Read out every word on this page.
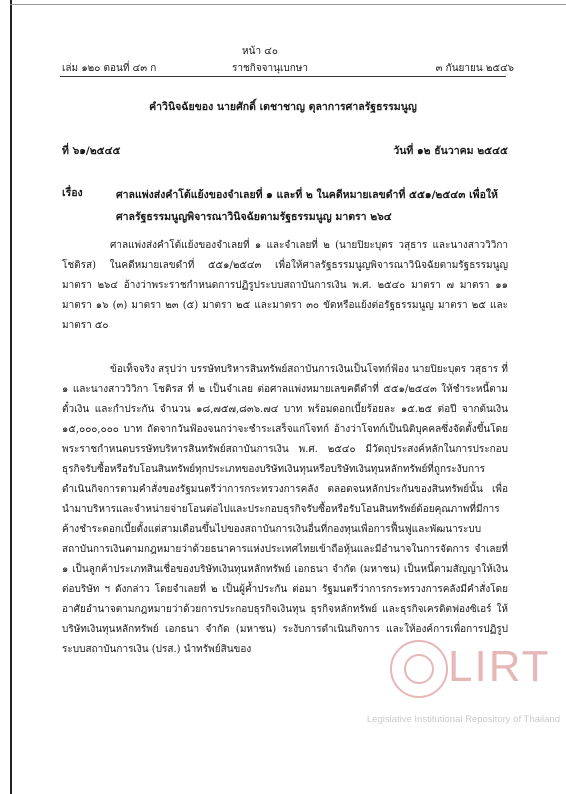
หน้า ๔๐
เล่ม ๑๒๐ ตอนที่ ๔๓ ก	ราชกิจจานุเบกษา	๓ กันยายน ๒๕๔๖
คำวินิจฉัยของ นายศักดิ์ เตชาชาญ ตุลาการศาลรัฐธรรมนูญ
ที่ ๖๑/๒๕๔๕	วันที่ ๑๒ ธันวาคม ๒๕๔๕
เรื่อง	ศาลแพ่งส่งคำโต้แย้งของจำเลยที่ ๑ และที่ ๒ ในคดีหมายเลขดำที่ ๕๕๑/๒๕๔๓ เพื่อให้ศาลรัฐธรรมนูญพิจารณาวินิจฉัยตามรัฐธรรมนูญ มาตรา ๒๖๔

ศาลแพ่งส่งคำโต้แย้งของจำเลยที่ ๑ และจำเลยที่ ๒ (นายปิยะบุตร วสุธาร และนางสาววิวิกา โชติรส) ในคดีหมายเลขดำที่ ๕๕๑/๒๕๔๓ เพื่อให้ศาลรัฐธรรมนูญพิจารณาวินิจฉัยตามรัฐธรรมนูญ มาตรา ๒๖๔ อ้างว่าพระราชกำหนดการปฏิรูประบบสถาบันการเงิน พ.ศ. ๒๕๔๐ มาตรา ๗ มาตรา ๑๑ มาตรา ๑๖ (๓) มาตรา ๒๓ (๕) มาตรา ๒๕ และมาตรา ๓๐ ขัดหรือแย้งต่อรัฐธรรมนูญ มาตรา ๒๕ และมาตรา ๕๐

ข้อเท็จจริง สรุปว่า บรรษัทบริหารสินทรัพย์สถาบันการเงินเป็นโจทก์ฟ้อง นายปิยะบุตร วสุธาร ที่ ๑ และนางสาววิวิกา โชติรส ที่ ๒ เป็นจำเลย ต่อศาลแพ่งหมายเลขคดีดำที่ ๕๕๑/๒๕๔๓ ให้ชำระหนี้ตามตั๋วเงิน และกำประกัน จำนวน ๑๘,๗๕๗,๘๓๖.๗๔ บาท พร้อมดอกเบี้ยร้อยละ ๑๕.๒๕ ต่อปี จากต้นเงิน ๑๕,๐๐๐,๐๐๐ บาท ถัดจากวันฟ้องจนกว่าจะชำระเสร็จแก่โจทก์ อ้างว่าโจทก์เป็นนิติบุคคลซึ่งจัดตั้งขึ้นโดยพระราชกำหนดบรรษัทบริหารสินทรัพย์สถาบันการเงิน พ.ศ. ๒๕๔๐ มีวัตถุประสงค์หลักในการประกอบธุรกิจรับซื้อหรือรับโอนสินทรัพย์ทุกประเภทของบริษัทเงินทุนหรือบริษัทเงินทุนหลักทรัพย์ที่ถูกระงับการดำเนินกิจการตามคำสั่งของรัฐมนตรีว่าการกระทรวงการคลัง ตลอดจนหลักประกันของสินทรัพย์นั้น เพื่อนำมาบริหารและจำหน่ายจ่ายโอนต่อไปและประกอบธุรกิจรับซื้อหรือรับโอนสินทรัพย์ด้อยคุณภาพที่มีการค้างชำระดอกเบี้ยตั้งแต่สามเดือนขึ้นไปของสถาบันการเงินอื่นที่กองทุนเพื่อการฟื้นฟูและพัฒนาระบบสถาบันการเงินตามกฎหมายว่าด้วยธนาคารแห่งประเทศไทยเข้าถือหุ้นและมีอำนาจในการจัดการ จำเลยที่ ๑ เป็นลูกค้าประเภทสินเชื่อของบริษัทเงินทุนหลักทรัพย์ เอกธนา จำกัด (มหาชน) เป็นหนี้ตามสัญญาให้เงินต่อบริษัท ฯ ดังกล่าว โดยจำเลยที่ ๒ เป็นผู้ค้ำประกัน ต่อมา รัฐมนตรีว่าการกระทรวงการคลังมีคำสั่งโดยอาศัยอำนาจตามกฎหมายว่าด้วยการประกอบธุรกิจเงินทุน ธุรกิจหลักทรัพย์ และธุรกิจเครดิตฟองซิเอร์ ให้บริษัทเงินทุนหลักทรัพย์ เอกธนา จำกัด (มหาชน) ระงับการดำเนินกิจการ และให้องค์การเพื่อการปฏิรูประบบสถาบันการเงิน (ปรส.) นำทรัพย์สินของ	LIRT
Legislative Institutional Repository of Thailand
